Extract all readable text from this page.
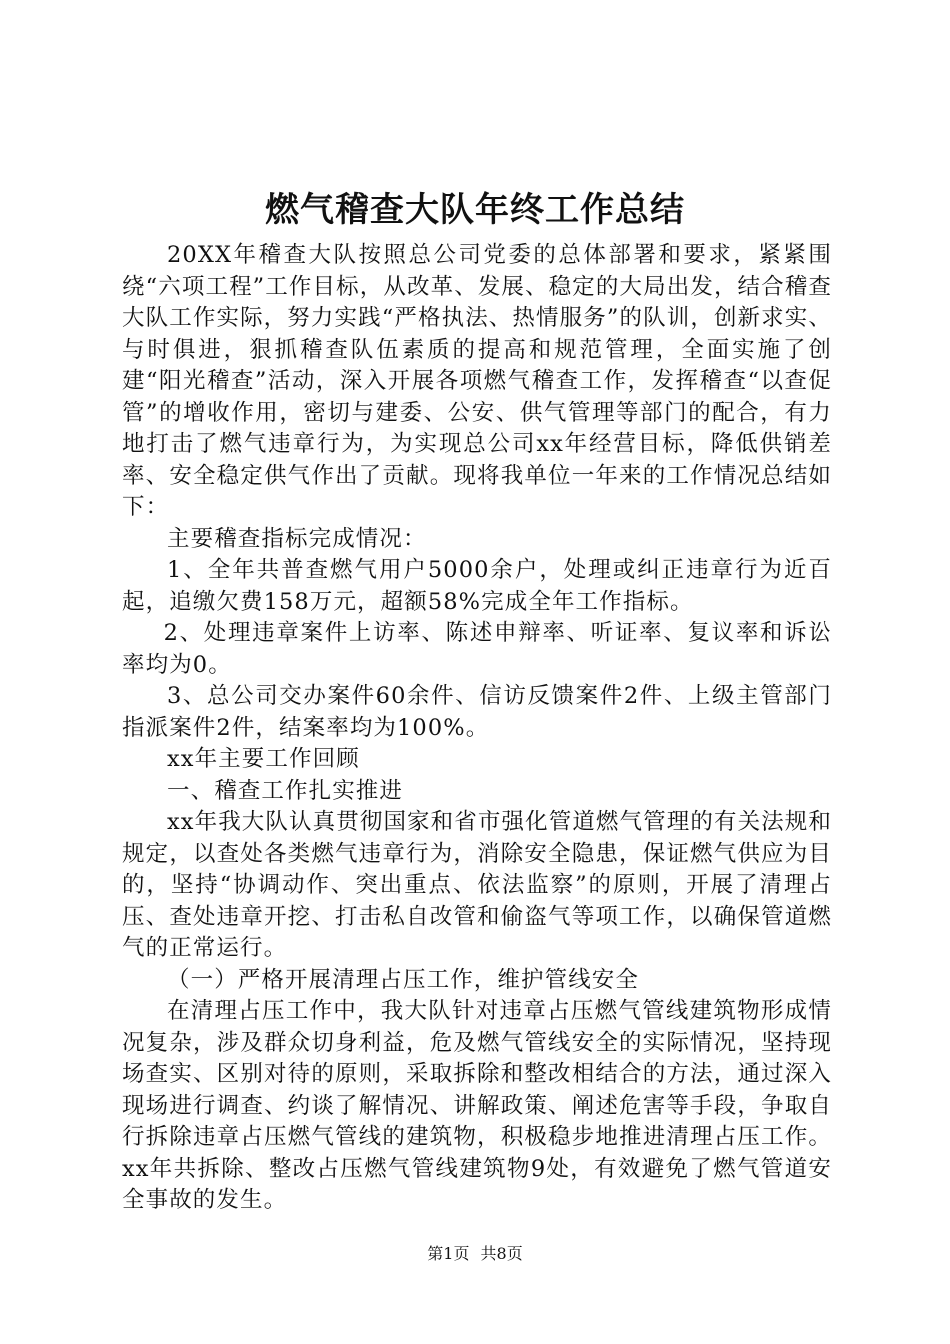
燃气稽查大队年终工作总结

20XX年稽查大队按照总公司党委的总体部署和要求，紧紧围绕“六项工程”工作目标，从改革、发展、稳定的大局出发，结合稽查大队工作实际，努力实践“严格执法、热情服务”的队训，创新求实、与时俱进，狠抓稽查队伍素质的提高和规范管理，全面实施了创建“阳光稽查”活动，深入开展各项燃气稽查工作，发挥稽查“以查促管”的增收作用，密切与建委、公安、供气管理等部门的配合，有力地打击了燃气违章行为，为实现总公司xx年经营目标，降低供销差率、安全稳定供气作出了贡献。现将我单位一年来的工作情况总结如下：

主要稽查指标完成情况：

1、全年共普查燃气用户5000余户，处理或纠正违章行为近百起，追缴欠费158万元，超额58%完成全年工作指标。

2、处理违章案件上访率、陈述申辩率、听证率、复议率和诉讼率均为0。

3、总公司交办案件60余件、信访反馈案件2件、上级主管部门指派案件2件，结案率均为100%。

xx年主要工作回顾

一、稽查工作扎实推进

xx年我大队认真贯彻国家和省市强化管道燃气管理的有关法规和规定，以查处各类燃气违章行为，消除安全隐患，保证燃气供应为目的，坚持“协调动作、突出重点、依法监察”的原则，开展了清理占压、查处违章开挖、打击私自改管和偷盗气等项工作，以确保管道燃气的正常运行。

（一）严格开展清理占压工作，维护管线安全

在清理占压工作中，我大队针对违章占压燃气管线建筑物形成情况复杂，涉及群众切身利益，危及燃气管线安全的实际情况，坚持现场查实、区别对待的原则，采取拆除和整改相结合的方法，通过深入现场进行调查、约谈了解情况、讲解政策、阐述危害等手段，争取自行拆除违章占压燃气管线的建筑物，积极稳步地推进清理占压工作。xx年共拆除、整改占压燃气管线建筑物9处，有效避免了燃气管道安全事故的发生。

第1页 共8页
